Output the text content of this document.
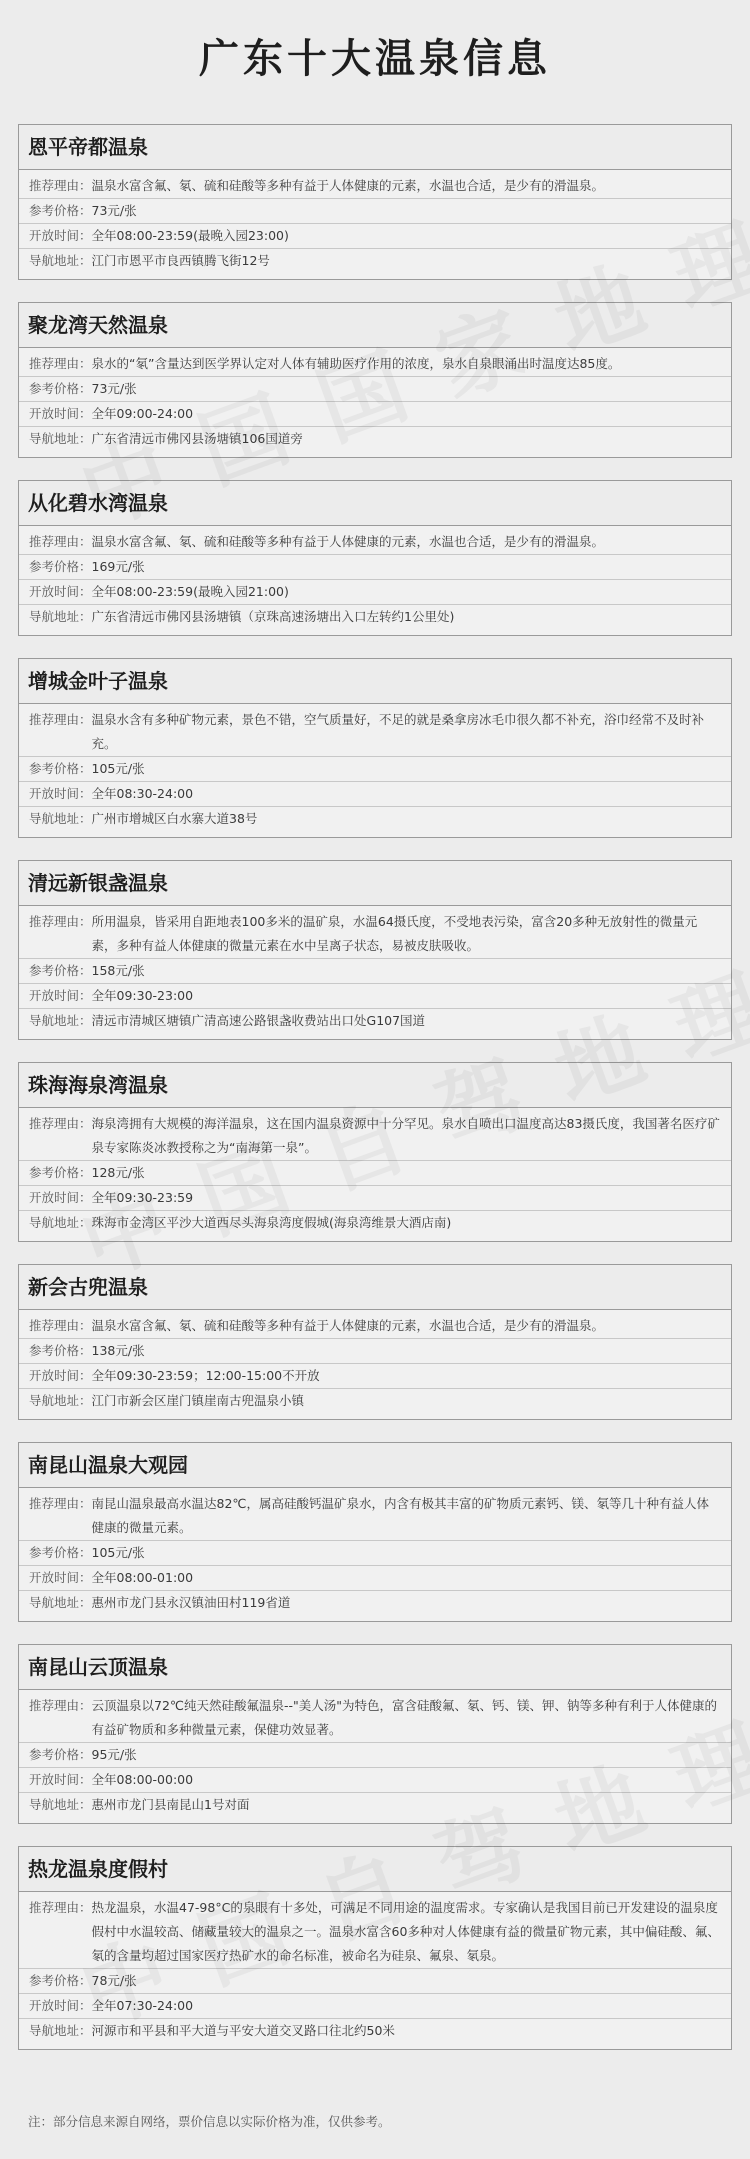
广东十大温泉信息
恩平帝都温泉
推荐理由： 温泉水富含氟、氡、硫和硅酸等多种有益于人体健康的元素，水温也合适，是少有的滑温泉。
参考价格： 73元/张
开放时间： 全年08:00-23:59(最晚入园23:00)
导航地址： 江门市恩平市良西镇腾飞街12号
聚龙湾天然温泉
推荐理由： 泉水的“氡”含量达到医学界认定对人体有辅助医疗作用的浓度，泉水自泉眼涌出时温度达85度。
参考价格： 73元/张
开放时间： 全年09:00-24:00
导航地址： 广东省清远市佛冈县汤塘镇106国道旁
从化碧水湾温泉
推荐理由： 温泉水富含氟、氡、硫和硅酸等多种有益于人体健康的元素，水温也合适，是少有的滑温泉。
参考价格： 169元/张
开放时间： 全年08:00-23:59(最晚入园21:00)
导航地址： 广东省清远市佛冈县汤塘镇（京珠高速汤塘出入口左转约1公里处)
增城金叶子温泉
推荐理由： 温泉水含有多种矿物元素，景色不错，空气质量好，不足的就是桑拿房冰毛巾很久都不补充，浴巾经常不及时补充。
参考价格： 105元/张
开放时间： 全年08:30-24:00
导航地址： 广州市增城区白水寨大道38号
清远新银盏温泉
推荐理由： 所用温泉，皆采用自距地表100多米的温矿泉，水温64摄氏度，不受地表污染，富含20多种无放射性的微量元素，多种有益人体健康的微量元素在水中呈离子状态，易被皮肤吸收。
参考价格： 158元/张
开放时间： 全年09:30-23:00
导航地址： 清远市清城区塘镇广清高速公路银盏收费站出口处G107国道
珠海海泉湾温泉
推荐理由： 海泉湾拥有大规模的海洋温泉，这在国内温泉资源中十分罕见。泉水自喷出口温度高达83摄氏度，我国著名医疗矿泉专家陈炎冰教授称之为“南海第一泉”。
参考价格： 128元/张
开放时间： 全年09:30-23:59
导航地址： 珠海市金湾区平沙大道西尽头海泉湾度假城(海泉湾维景大酒店南)
新会古兜温泉
推荐理由： 温泉水富含氟、氡、硫和硅酸等多种有益于人体健康的元素，水温也合适，是少有的滑温泉。
参考价格： 138元/张
开放时间： 全年09:30-23:59；12:00-15:00不开放
导航地址： 江门市新会区崖门镇崖南古兜温泉小镇
南昆山温泉大观园
推荐理由： 南昆山温泉最高水温达82℃，属高硅酸钙温矿泉水，内含有极其丰富的矿物质元素钙、镁、氡等几十种有益人体健康的微量元素。
参考价格： 105元/张
开放时间： 全年08:00-01:00
导航地址： 惠州市龙门县永汉镇油田村119省道
南昆山云顶温泉
推荐理由： 云顶温泉以72℃纯天然硅酸氟温泉--"美人汤"为特色，富含硅酸氟、氡、钙、镁、钾、钠等多种有利于人体健康的有益矿物质和多种微量元素，保健功效显著。
参考价格： 95元/张
开放时间： 全年08:00-00:00
导航地址： 惠州市龙门县南昆山1号对面
热龙温泉度假村
推荐理由： 热龙温泉，水温47-98°C的泉眼有十多处，可满足不同用途的温度需求。专家确认是我国目前已开发建设的温泉度假村中水温较高、储藏量较大的温泉之一。温泉水富含60多种对人体健康有益的微量矿物元素，其中偏硅酸、氟、氡的含量均超过国家医疗热矿水的命名标准，被命名为硅泉、氟泉、氡泉。
参考价格： 78元/张
开放时间： 全年07:30-24:00
导航地址： 河源市和平县和平大道与平安大道交叉路口往北约50米
注：部分信息来源自网络，票价信息以实际价格为准，仅供参考。
